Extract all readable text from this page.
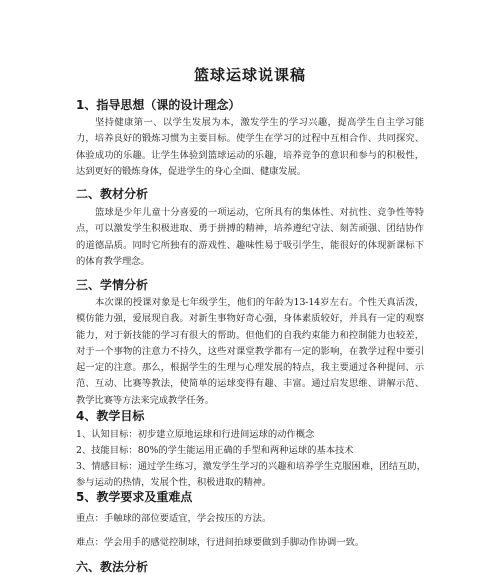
篮球运球说课稿
1、指导思想（课的设计理念）

坚持健康第一、以学生发展为本，激发学生的学习兴趣，提高学生自主学习能力，培养良好的锻炼习惯为主要目标。使学生在学习的过程中互相合作、共同探究、体验成功的乐趣。让学生体验到篮球运动的乐趣，培养竞争的意识和参与的积极性，达到更好的锻炼身体，促进学生的身心全面、健康发展。

二、教材分析

篮球是少年儿童十分喜爱的一项运动，它所具有的集体性、对抗性、竞争性等特点，可以激发学生积极进取、勇于拼搏的精神，培养遵纪守法、刻苦顽强、团结协作的道德品质。同时它所独有的游戏性、趣味性易于吸引学生，能很好的体现新课标下的体育教学理念。

三、学情分析

本次课的授课对象是七年级学生，他们的年龄为13-14岁左右。个性天真活泼，模仿能力强，爱展现自我。对新生事物好奇心强，身体素质较好，并具有一定的观察能力，对于新技能的学习有很大的帮助。但他们的自我约束能力和控制能力也较差，对于一个事物的注意力不持久，这些对课堂教学都有一定的影响，在教学过程中要引起一定的注意。那么，根据学生的生理与心理发展的特点，我主要通过各种提问、示范、互动、比赛等教法，使简单的运球变得有趣、丰富。通过启发思维、讲解示范、教学比赛等方法来完成教学任务。

4、教学目标
1、认知目标：初步建立原地运球和行进间运球的动作概念
2、技能目标：80%的学生能运用正确的手型和两种运球的基本技术
3、情感目标：通过学生练习，激发学生学习的兴趣和培养学生克服困难，团结互助，参与运动的热情，发展个性，积极进取的精神。
5、教学要求及重难点
重点：手触球的部位要适宜，学会按压的方法。
难点：学会用手的感觉控制球，行进间拍球要做到手脚动作协调一致。
六、教法分析
